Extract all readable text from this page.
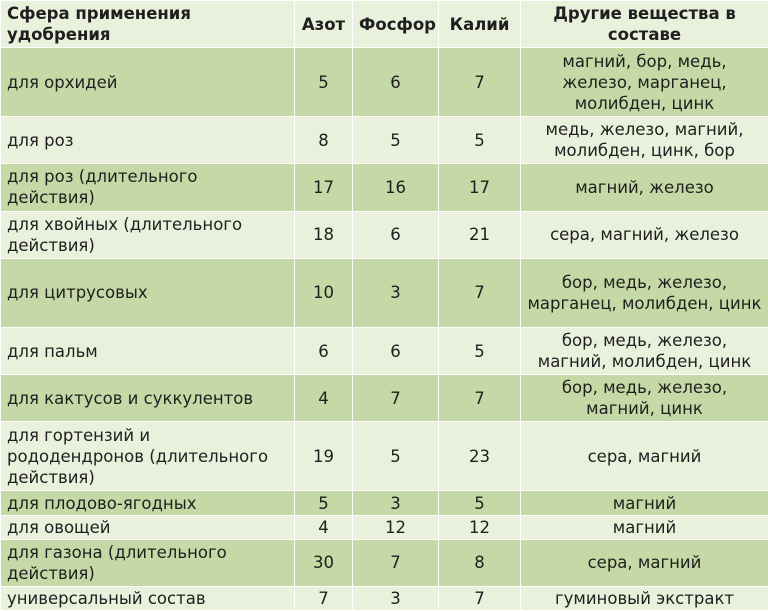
Сфера применения удобрения	Азот	Фосфор	Калий	Другие вещества в составе
для орхидей	5	6	7	магний, бор, медь, железо, марганец, молибден, цинк
для роз	8	5	5	медь, железо, магний, молибден, цинк, бор
для роз (длительного действия)	17	16	17	магний, железо
для хвойных (длительного действия)	18	6	21	сера, магний, железо
для цитрусовых	10	3	7	бор, медь, железо, марганец, молибден, цинк
для пальм	6	6	5	бор, медь, железо, магний, молибден, цинк
для кактусов и суккулентов	4	7	7	бор, медь, железо, магний, цинк
для гортензий и рододендронов (длительного действия)	19	5	23	сера, магний
для плодово-ягодных	5	3	5	магний
для овощей	4	12	12	магний
для газона (длительного действия)	30	7	8	сера, магний
универсальный состав	7	3	7	гуминовый экстракт
